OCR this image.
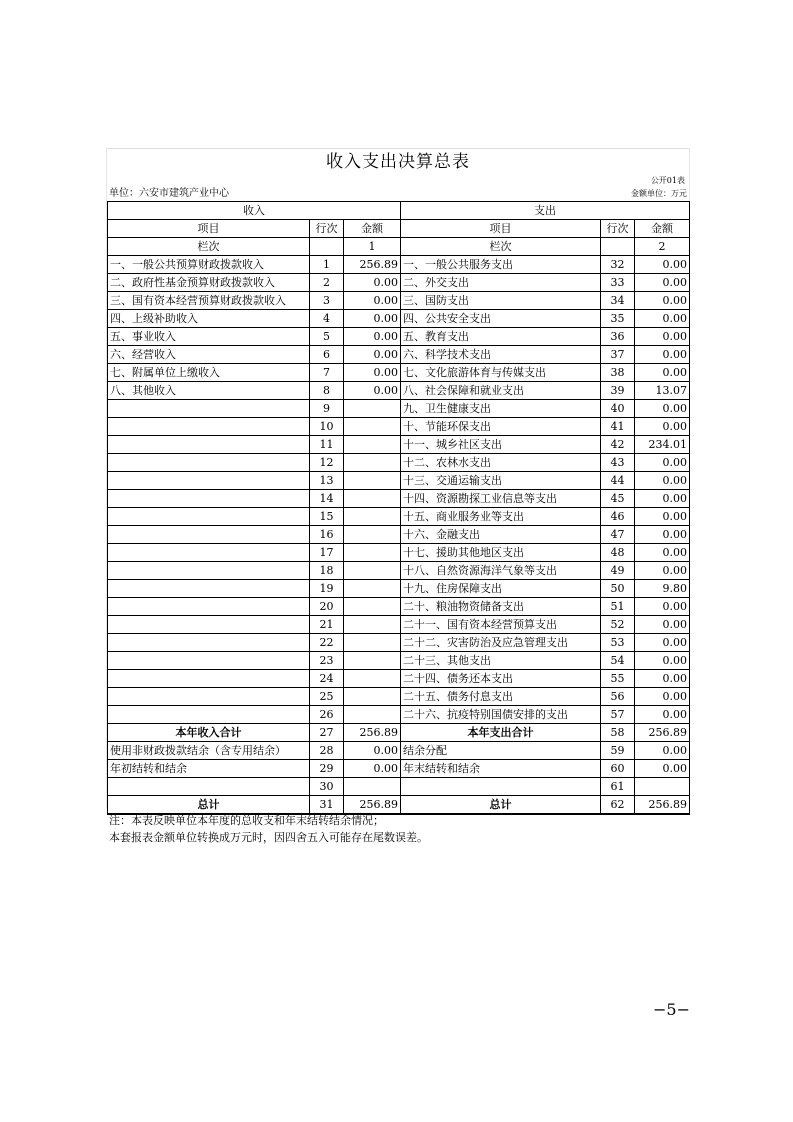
收入支出决算总表
公开01表
单位：六安市建筑产业中心	金额单位：万元
收入			支出		
项目	行次	金额	项目	行次	金额
栏次		1	栏次		2
一、一般公共预算财政拨款收入	1	256.89	一、一般公共服务支出	32	0.00
二、政府性基金预算财政拨款收入	2	0.00	二、外交支出	33	0.00
三、国有资本经营预算财政拨款收入	3	0.00	三、国防支出	34	0.00
四、上级补助收入	4	0.00	四、公共安全支出	35	0.00
五、事业收入	5	0.00	五、教育支出	36	0.00
六、经营收入	6	0.00	六、科学技术支出	37	0.00
七、附属单位上缴收入	7	0.00	七、文化旅游体育与传媒支出	38	0.00
八、其他收入	8	0.00	八、社会保障和就业支出	39	13.07
	9		九、卫生健康支出	40	0.00
	10		十、节能环保支出	41	0.00
	11		十一、城乡社区支出	42	234.01
	12		十二、农林水支出	43	0.00
	13		十三、交通运输支出	44	0.00
	14		十四、资源勘探工业信息等支出	45	0.00
	15		十五、商业服务业等支出	46	0.00
	16		十六、金融支出	47	0.00
	17		十七、援助其他地区支出	48	0.00
	18		十八、自然资源海洋气象等支出	49	0.00
	19		十九、住房保障支出	50	9.80
	20		二十、粮油物资储备支出	51	0.00
	21		二十一、国有资本经营预算支出	52	0.00
	22		二十二、灾害防治及应急管理支出	53	0.00
	23		二十三、其他支出	54	0.00
	24		二十四、债务还本支出	55	0.00
	25		二十五、债务付息支出	56	0.00
	26		二十六、抗疫特别国债安排的支出	57	0.00
本年收入合计	27	256.89	本年支出合计	58	256.89
使用非财政拨款结余（含专用结余）	28	0.00	结余分配	59	0.00
年初结转和结余	29	0.00	年末结转和结余	60	0.00
	30			61	
总计	31	256.89	总计	62	256.89
注：本表反映单位本年度的总收支和年末结转结余情况；
本套报表金额单位转换成万元时，因四舍五入可能存在尾数误差。
−5−
